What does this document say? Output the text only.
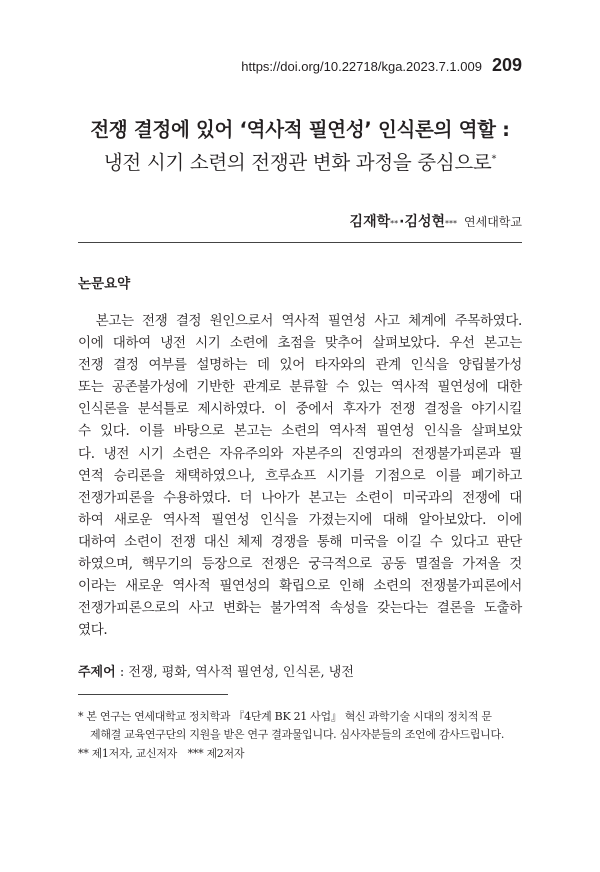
https://doi.org/10.22718/kga.2023.7.1.009 209
전쟁 결정에 있어 ‘역사적 필연성’ 인식론의 역할 :
냉전 시기 소련의 전쟁관 변화 과정을 중심으로*
김재학 ** · 김성현 *** 연세대학교
논문요약
　본고는 전쟁 결정 원인으로서 역사적 필연성 사고 체계에 주목하였다.
이에 대하여 냉전 시기 소련에 초점을 맞추어 살펴보았다. 우선 본고는
전쟁 결정 여부를 설명하는 데 있어 타자와의 관계 인식을 양립불가성
또는 공존불가성에 기반한 관계로 분류할 수 있는 역사적 필연성에 대한
인식론을 분석틀로 제시하였다. 이 중에서 후자가 전쟁 결정을 야기시킬
수 있다. 이를 바탕으로 본고는 소련의 역사적 필연성 인식을 살펴보았
다. 냉전 시기 소련은 자유주의와 자본주의 진영과의 전쟁불가피론과 필
연적 승리론을 채택하였으나, 흐루쇼프 시기를 기점으로 이를 폐기하고
전쟁가피론을 수용하였다. 더 나아가 본고는 소련이 미국과의 전쟁에 대
하여 새로운 역사적 필연성 인식을 가졌는지에 대해 알아보았다. 이에
대하여 소련이 전쟁 대신 체제 경쟁을 통해 미국을 이길 수 있다고 판단
하였으며, 핵무기의 등장으로 전쟁은 궁극적으로 공동 멸절을 가져올 것
이라는 새로운 역사적 필연성의 확립으로 인해 소련의 전쟁불가피론에서
전쟁가피론으로의 사고 변화는 불가역적 속성을 갖는다는 결론을 도출하
였다.
주제어 : 전쟁, 평화, 역사적 필연성, 인식론, 냉전
* 본 연구는 연세대학교 정치학과 『4단계 BK 21 사업』 혁신 과학기술 시대의 정치적 문
제해결 교육연구단의 지원을 받은 연구 결과물입니다. 심사자분들의 조언에 감사드립니다.
** 제1저자, 교신저자　*** 제2저자
